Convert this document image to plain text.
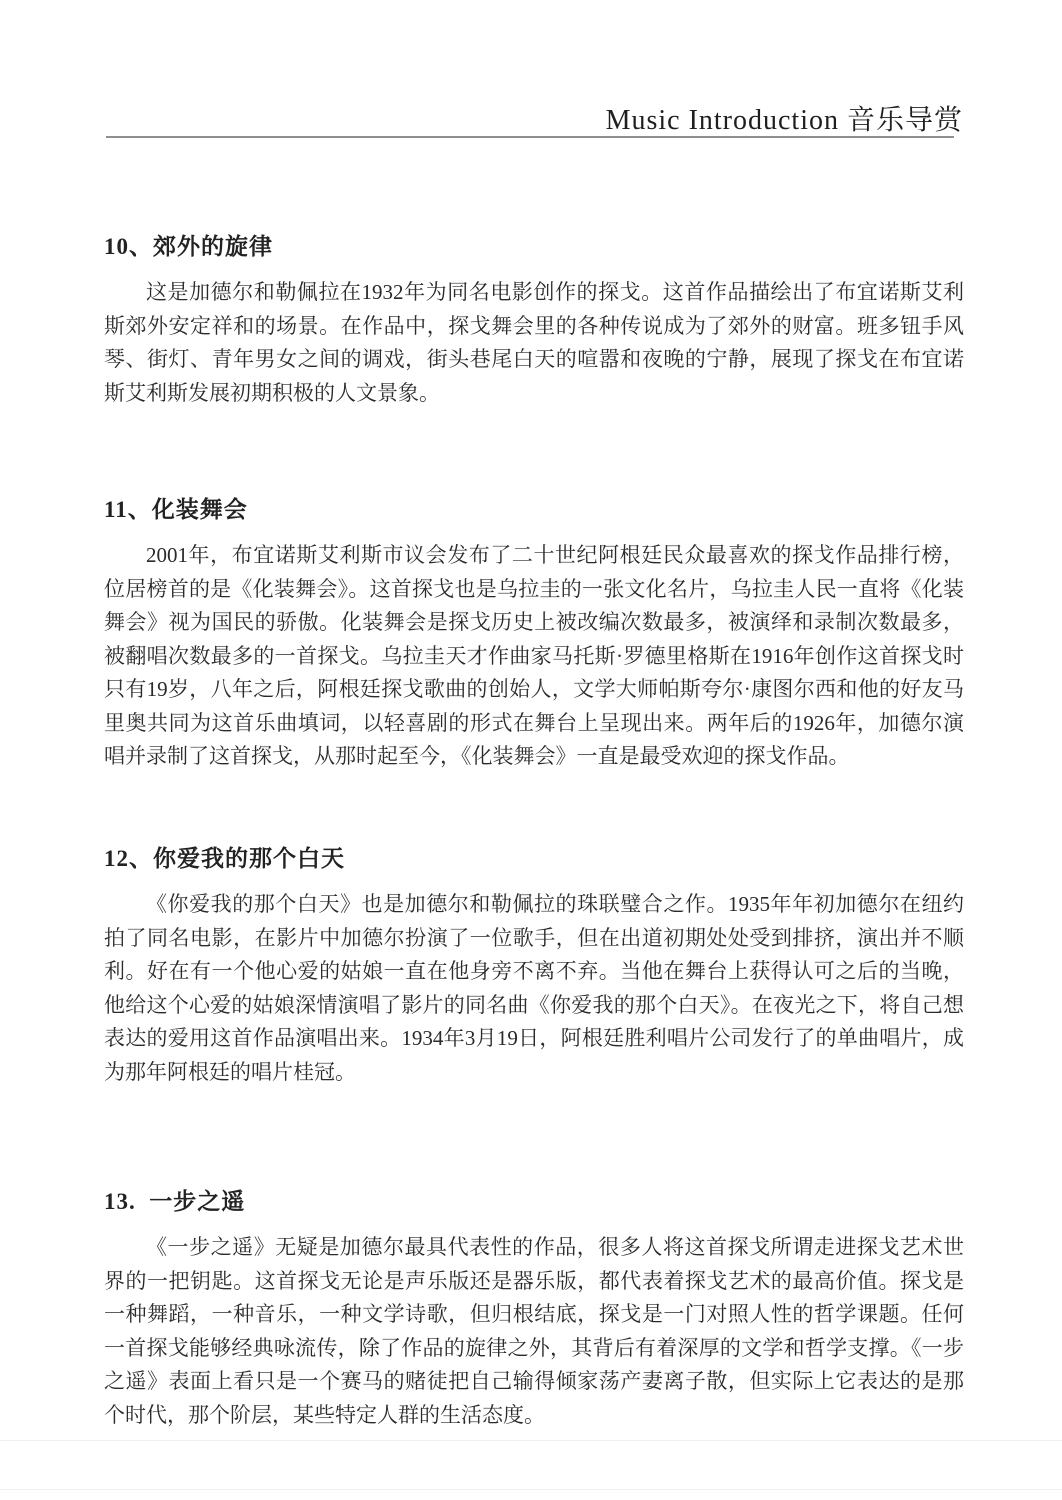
Music Introduction 音乐导赏
10、郊外的旋律

这是加德尔和勒佩拉在1932年为同名电影创作的探戈。这首作品描绘出了布宜诺斯艾利斯郊外安定祥和的场景。在作品中，探戈舞会里的各种传说成为了郊外的财富。班多钮手风琴、街灯、青年男女之间的调戏，街头巷尾白天的喧嚣和夜晚的宁静，展现了探戈在布宜诺斯艾利斯发展初期积极的人文景象。

11、化装舞会

2001年，布宜诺斯艾利斯市议会发布了二十世纪阿根廷民众最喜欢的探戈作品排行榜，位居榜首的是《化装舞会》。这首探戈也是乌拉圭的一张文化名片，乌拉圭人民一直将《化装舞会》视为国民的骄傲。化装舞会是探戈历史上被改编次数最多，被演绎和录制次数最多，被翻唱次数最多的一首探戈。乌拉圭天才作曲家马托斯·罗德里格斯在1916年创作这首探戈时只有19岁，八年之后，阿根廷探戈歌曲的创始人，文学大师帕斯夸尔·康图尔西和他的好友马里奥共同为这首乐曲填词，以轻喜剧的形式在舞台上呈现出来。两年后的1926年，加德尔演唱并录制了这首探戈，从那时起至今，《化装舞会》一直是最受欢迎的探戈作品。

12、你爱我的那个白天

《你爱我的那个白天》也是加德尔和勒佩拉的珠联璧合之作。1935年年初加德尔在纽约拍了同名电影，在影片中加德尔扮演了一位歌手，但在出道初期处处受到排挤，演出并不顺利。好在有一个他心爱的姑娘一直在他身旁不离不弃。当他在舞台上获得认可之后的当晚，他给这个心爱的姑娘深情演唱了影片的同名曲《你爱我的那个白天》。在夜光之下，将自己想表达的爱用这首作品演唱出来。1934年3月19日，阿根廷胜利唱片公司发行了的单曲唱片，成为那年阿根廷的唱片桂冠。

13.  一步之遥

《一步之遥》无疑是加德尔最具代表性的作品，很多人将这首探戈所谓走进探戈艺术世界的一把钥匙。这首探戈无论是声乐版还是器乐版，都代表着探戈艺术的最高价值。探戈是一种舞蹈，一种音乐，一种文学诗歌，但归根结底，探戈是一门对照人性的哲学课题。任何一首探戈能够经典咏流传，除了作品的旋律之外，其背后有着深厚的文学和哲学支撑。《一步之遥》表面上看只是一个赛马的赌徒把自己输得倾家荡产妻离子散，但实际上它表达的是那个时代，那个阶层，某些特定人群的生活态度。
